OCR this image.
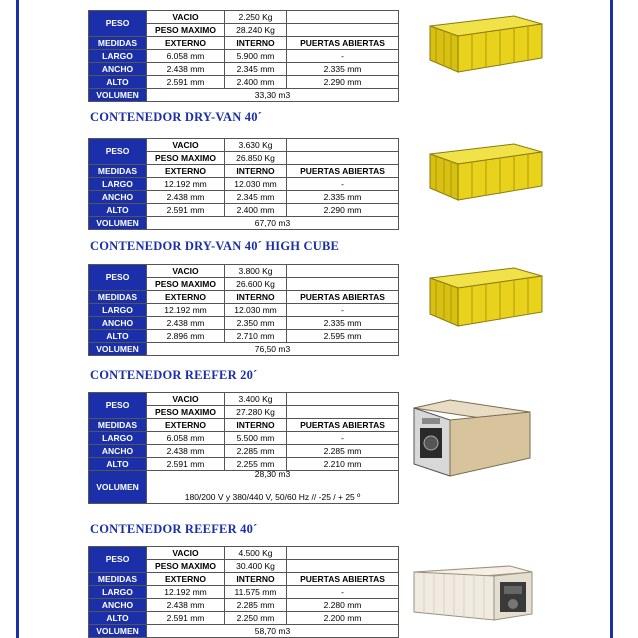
PESO	VACIO	2.250 Kg	
	PESO MAXIMO	28.240 Kg	
MEDIDAS	EXTERNO	INTERNO	PUERTAS ABIERTAS
LARGO	6.058 mm	5.900 mm	-
ANCHO	2.438 mm	2.345 mm	2.335 mm
ALTO	2.591 mm	2.400 mm	2.290 mm
VOLUMEN	33,30 m3		
CONTENEDOR DRY-VAN 40´
PESO	VACIO	3.630 Kg	
	PESO MAXIMO	26.850 Kg	
MEDIDAS	EXTERNO	INTERNO	PUERTAS ABIERTAS
LARGO	12.192 mm	12.030 mm	-
ANCHO	2.438 mm	2.345 mm	2.335 mm
ALTO	2.591 mm	2.400 mm	2.290 mm
VOLUMEN	67,70 m3		
CONTENEDOR DRY-VAN 40´ HIGH CUBE
PESO	VACIO	3.800 Kg	
	PESO MAXIMO	26.600 Kg	
MEDIDAS	EXTERNO	INTERNO	PUERTAS ABIERTAS
LARGO	12.192 mm	12.030 mm	-
ANCHO	2.438 mm	2.350 mm	2.335 mm
ALTO	2.896 mm	2.710 mm	2.595 mm
VOLUMEN	76,50 m3		
CONTENEDOR REEFER 20´
PESO	VACIO	3.400 Kg	
	PESO MAXIMO	27.280 Kg	
MEDIDAS	EXTERNO	INTERNO	PUERTAS ABIERTAS
LARGO	6.058 mm	5.500 mm	-
ANCHO	2.438 mm	2.285 mm	2.285 mm
ALTO	2.591 mm	2.255 mm	2.210 mm
VOLUMEN	28,30 m3
180/200 V y 380/440 V, 50/60 Hz // -25 / + 25 º		
CONTENEDOR REEFER 40´
PESO	VACIO	4.500 Kg	
	PESO MAXIMO	30.400 Kg	
MEDIDAS	EXTERNO	INTERNO	PUERTAS ABIERTAS
LARGO	12.192 mm	11.575 mm	-
ANCHO	2.438 mm	2.285 mm	2.280 mm
ALTO	2.591 mm	2.250 mm	2.200 mm
VOLUMEN	58,70 m3		
